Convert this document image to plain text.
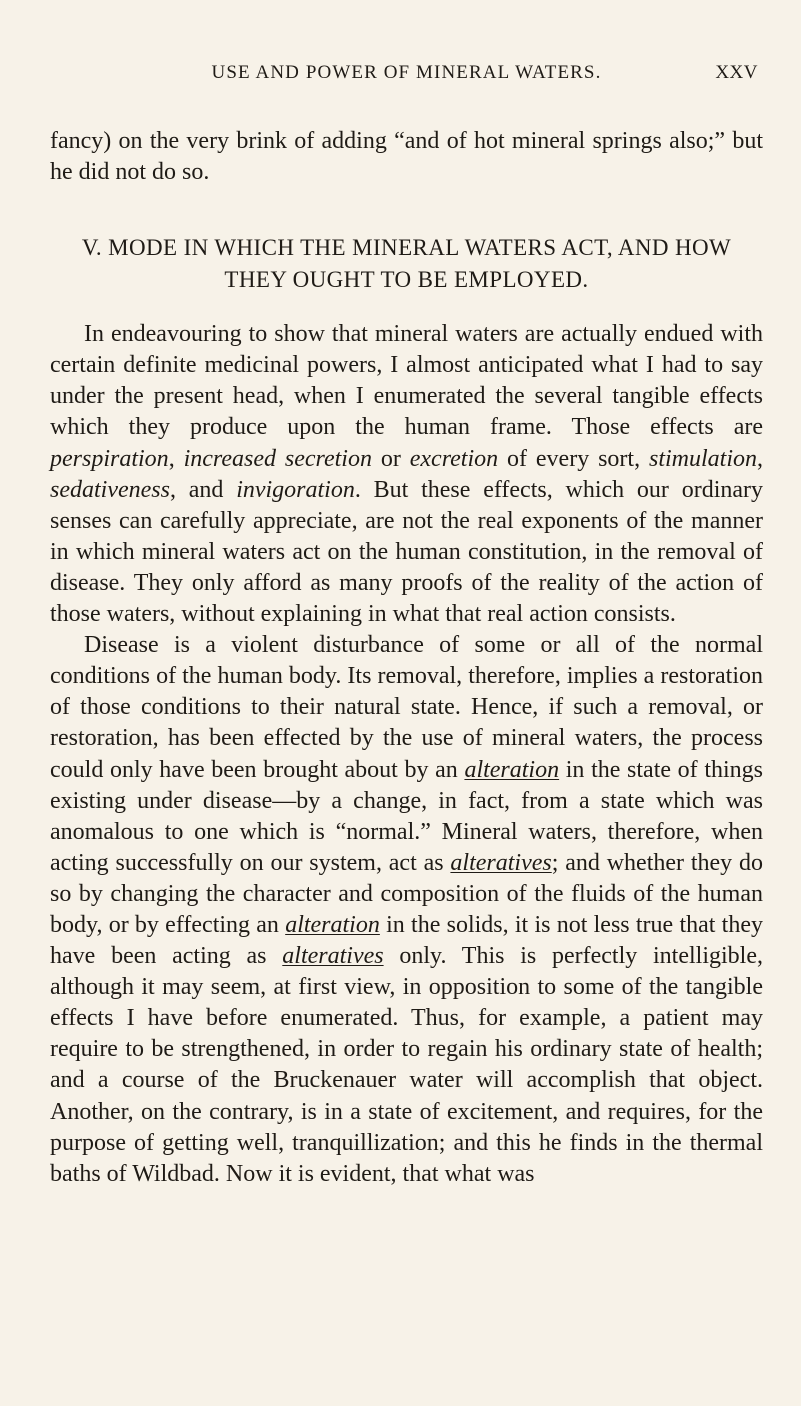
USE AND POWER OF MINERAL WATERS.	XXV

fancy) on the very brink of adding “and of hot mineral springs also;” but he did not do so.

V. MODE IN WHICH THE MINERAL WATERS ACT, AND HOW
THEY OUGHT TO BE EMPLOYED.

In endeavouring to show that mineral waters are actually endued with certain definite medicinal powers, I almost anticipated what I had to say under the present head, when I enumerated the several tangible effects which they produce upon the human frame. Those effects are perspiration, increased secretion or excretion of every sort, stimulation, sedativeness, and invigoration. But these effects, which our ordinary senses can carefully appreciate, are not the real exponents of the manner in which mineral waters act on the human constitution, in the removal of disease. They only afford as many proofs of the reality of the action of those waters, without explaining in what that real action consists.

Disease is a violent disturbance of some or all of the normal conditions of the human body. Its removal, therefore, implies a restoration of those conditions to their natural state. Hence, if such a removal, or restoration, has been effected by the use of mineral waters, the process could only have been brought about by an alteration in the state of things existing under disease—by a change, in fact, from a state which was anomalous to one which is “normal.” Mineral waters, therefore, when acting successfully on our system, act as alteratives; and whether they do so by changing the character and composition of the fluids of the human body, or by effecting an alteration in the solids, it is not less true that they have been acting as alteratives only. This is perfectly intelligible, although it may seem, at first view, in opposition to some of the tangible effects I have before enumerated. Thus, for example, a patient may require to be strengthened, in order to regain his ordinary state of health; and a course of the Bruckenauer water will accomplish that object. Another, on the contrary, is in a state of excitement, and requires, for the purpose of getting well, tranquillization; and this he finds in the thermal baths of Wildbad. Now it is evident, that what was
